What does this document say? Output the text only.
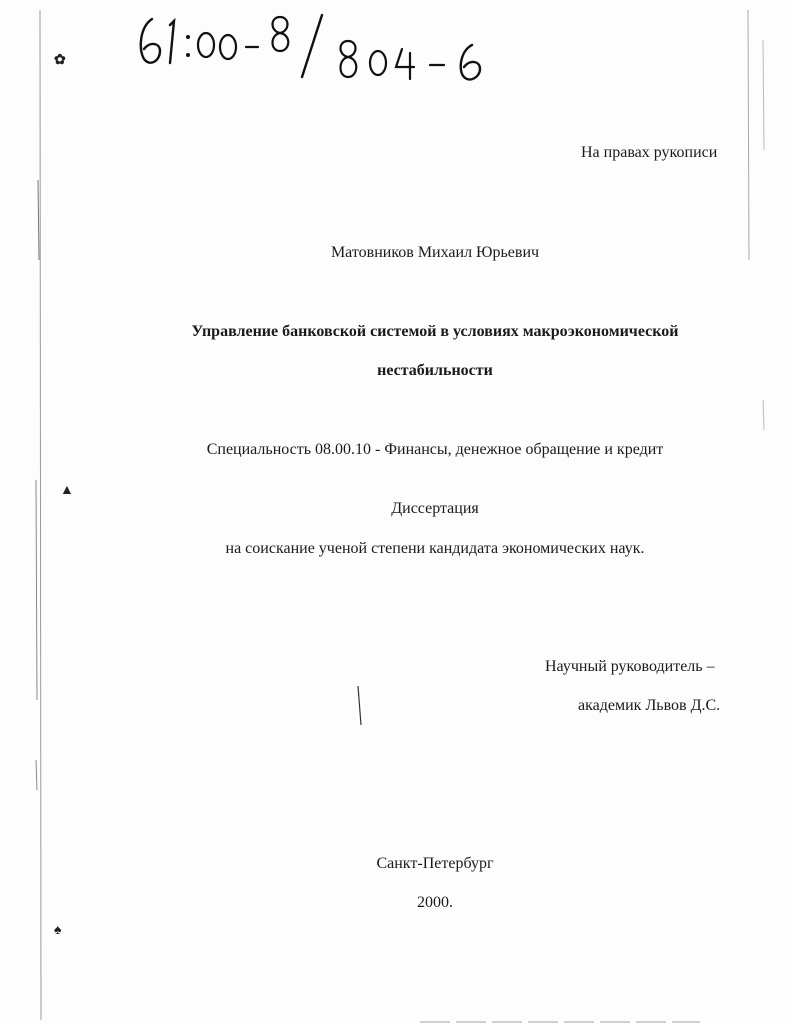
✿
▲
♠
На правах рукописи
Матовников Михаил Юрьевич
Управление банковской системой в условиях макроэкономической
нестабильности
Специальность 08.00.10 - Финансы, денежное обращение и кредит
Диссертация
на соискание ученой степени кандидата экономических наук.
Научный руководитель –
академик Львов Д.С.
Санкт-Петербург
2000.
